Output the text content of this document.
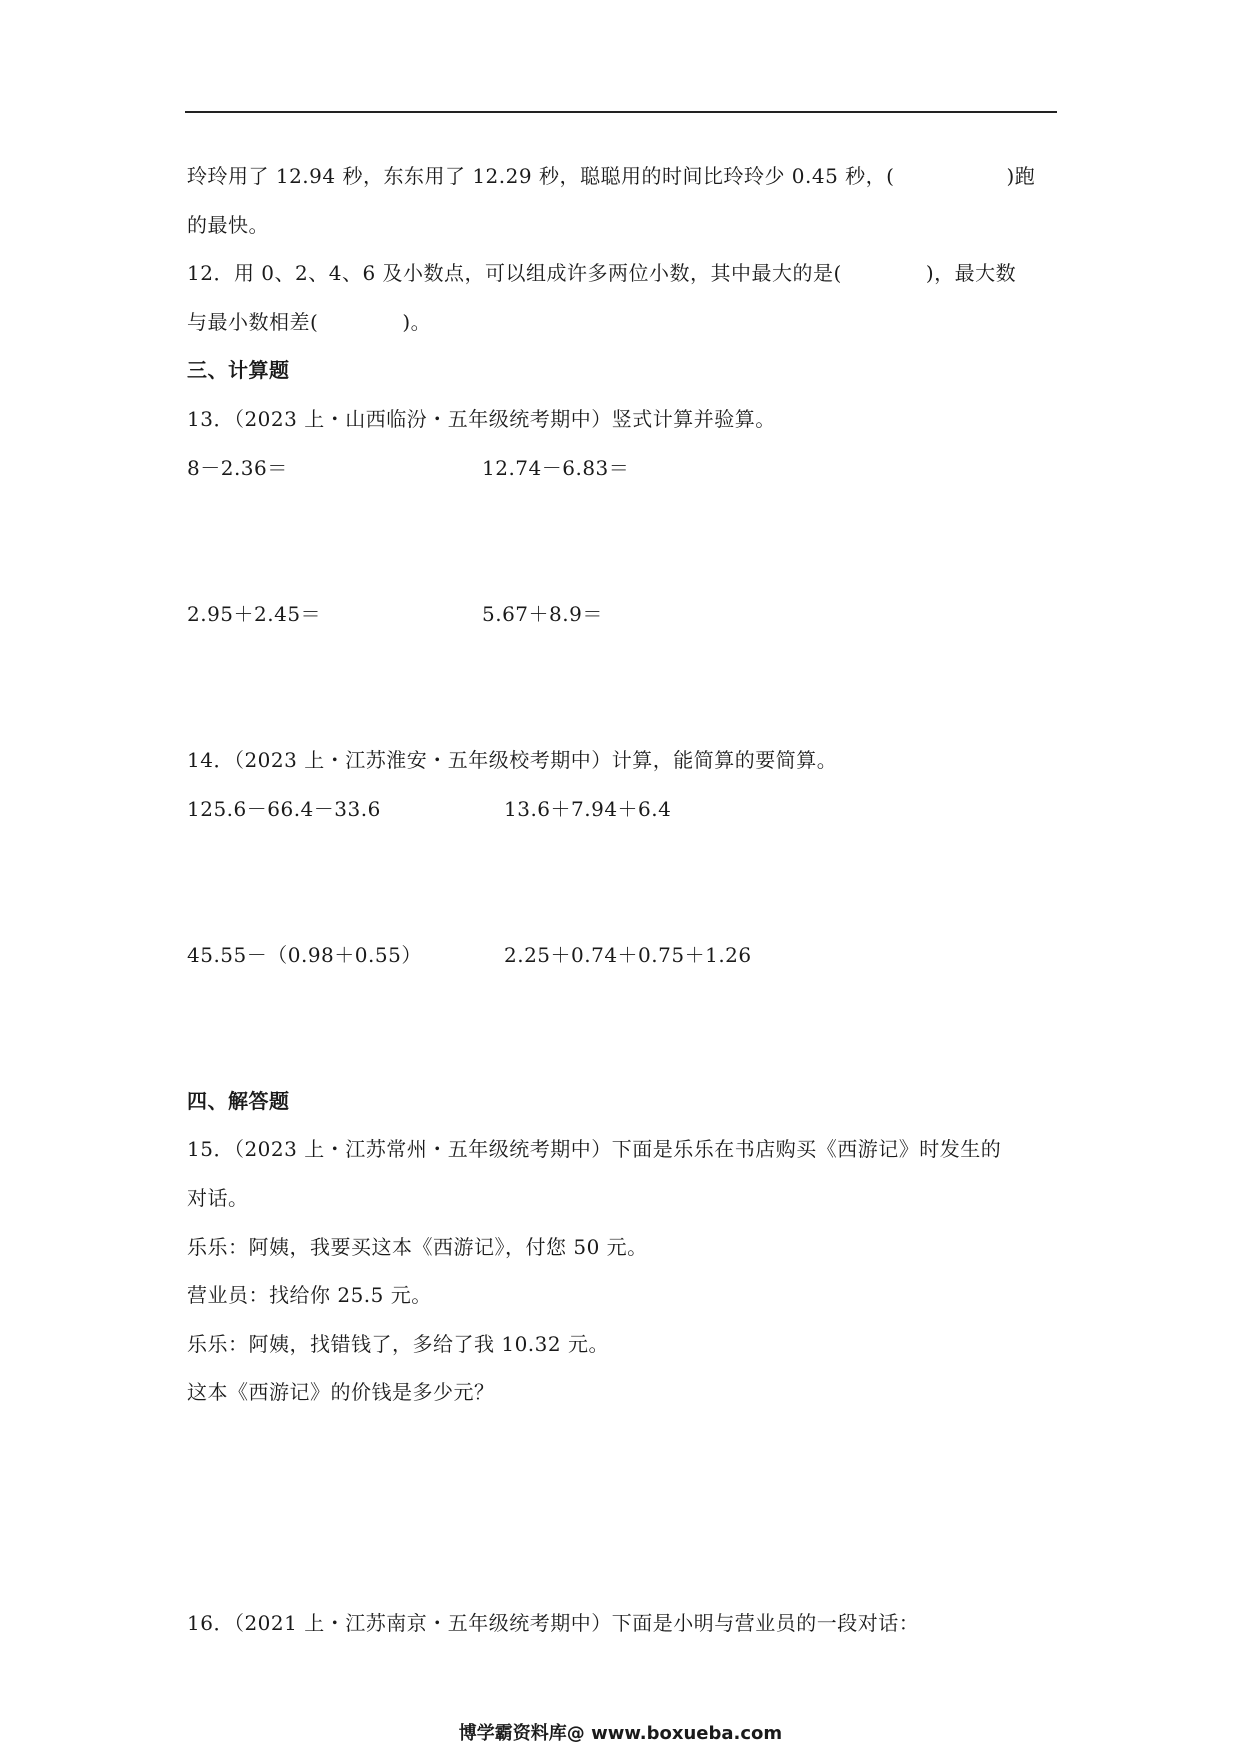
玲玲用了 12.94 秒，东东用了 12.29 秒，聪聪用的时间比玲玲少 0.45 秒，(	)跑
的最快。
12．用 0、2、4、6 及小数点，可以组成许多两位小数，其中最大的是(	)，最大数
与最小数相差(	)。
三、计算题
13．（2023 上・山西临汾・五年级统考期中）竖式计算并验算。
8－2.36＝	12.74－6.83＝
2.95＋2.45＝	5.67＋8.9＝
14．（2023 上・江苏淮安・五年级校考期中）计算，能简算的要简算。
125.6－66.4－33.6	13.6＋7.94＋6.4
45.55－（0.98＋0.55）	2.25＋0.74＋0.75＋1.26
四、解答题
15．（2023 上・江苏常州・五年级统考期中）下面是乐乐在书店购买《西游记》时发生的
对话。
乐乐：阿姨，我要买这本《西游记》，付您 50 元。
营业员：找给你 25.5 元。
乐乐：阿姨，找错钱了，多给了我 10.32 元。
这本《西游记》的价钱是多少元？
16．（2021 上・江苏南京・五年级统考期中）下面是小明与营业员的一段对话：
博学霸资料库@ www.boxueba.com
